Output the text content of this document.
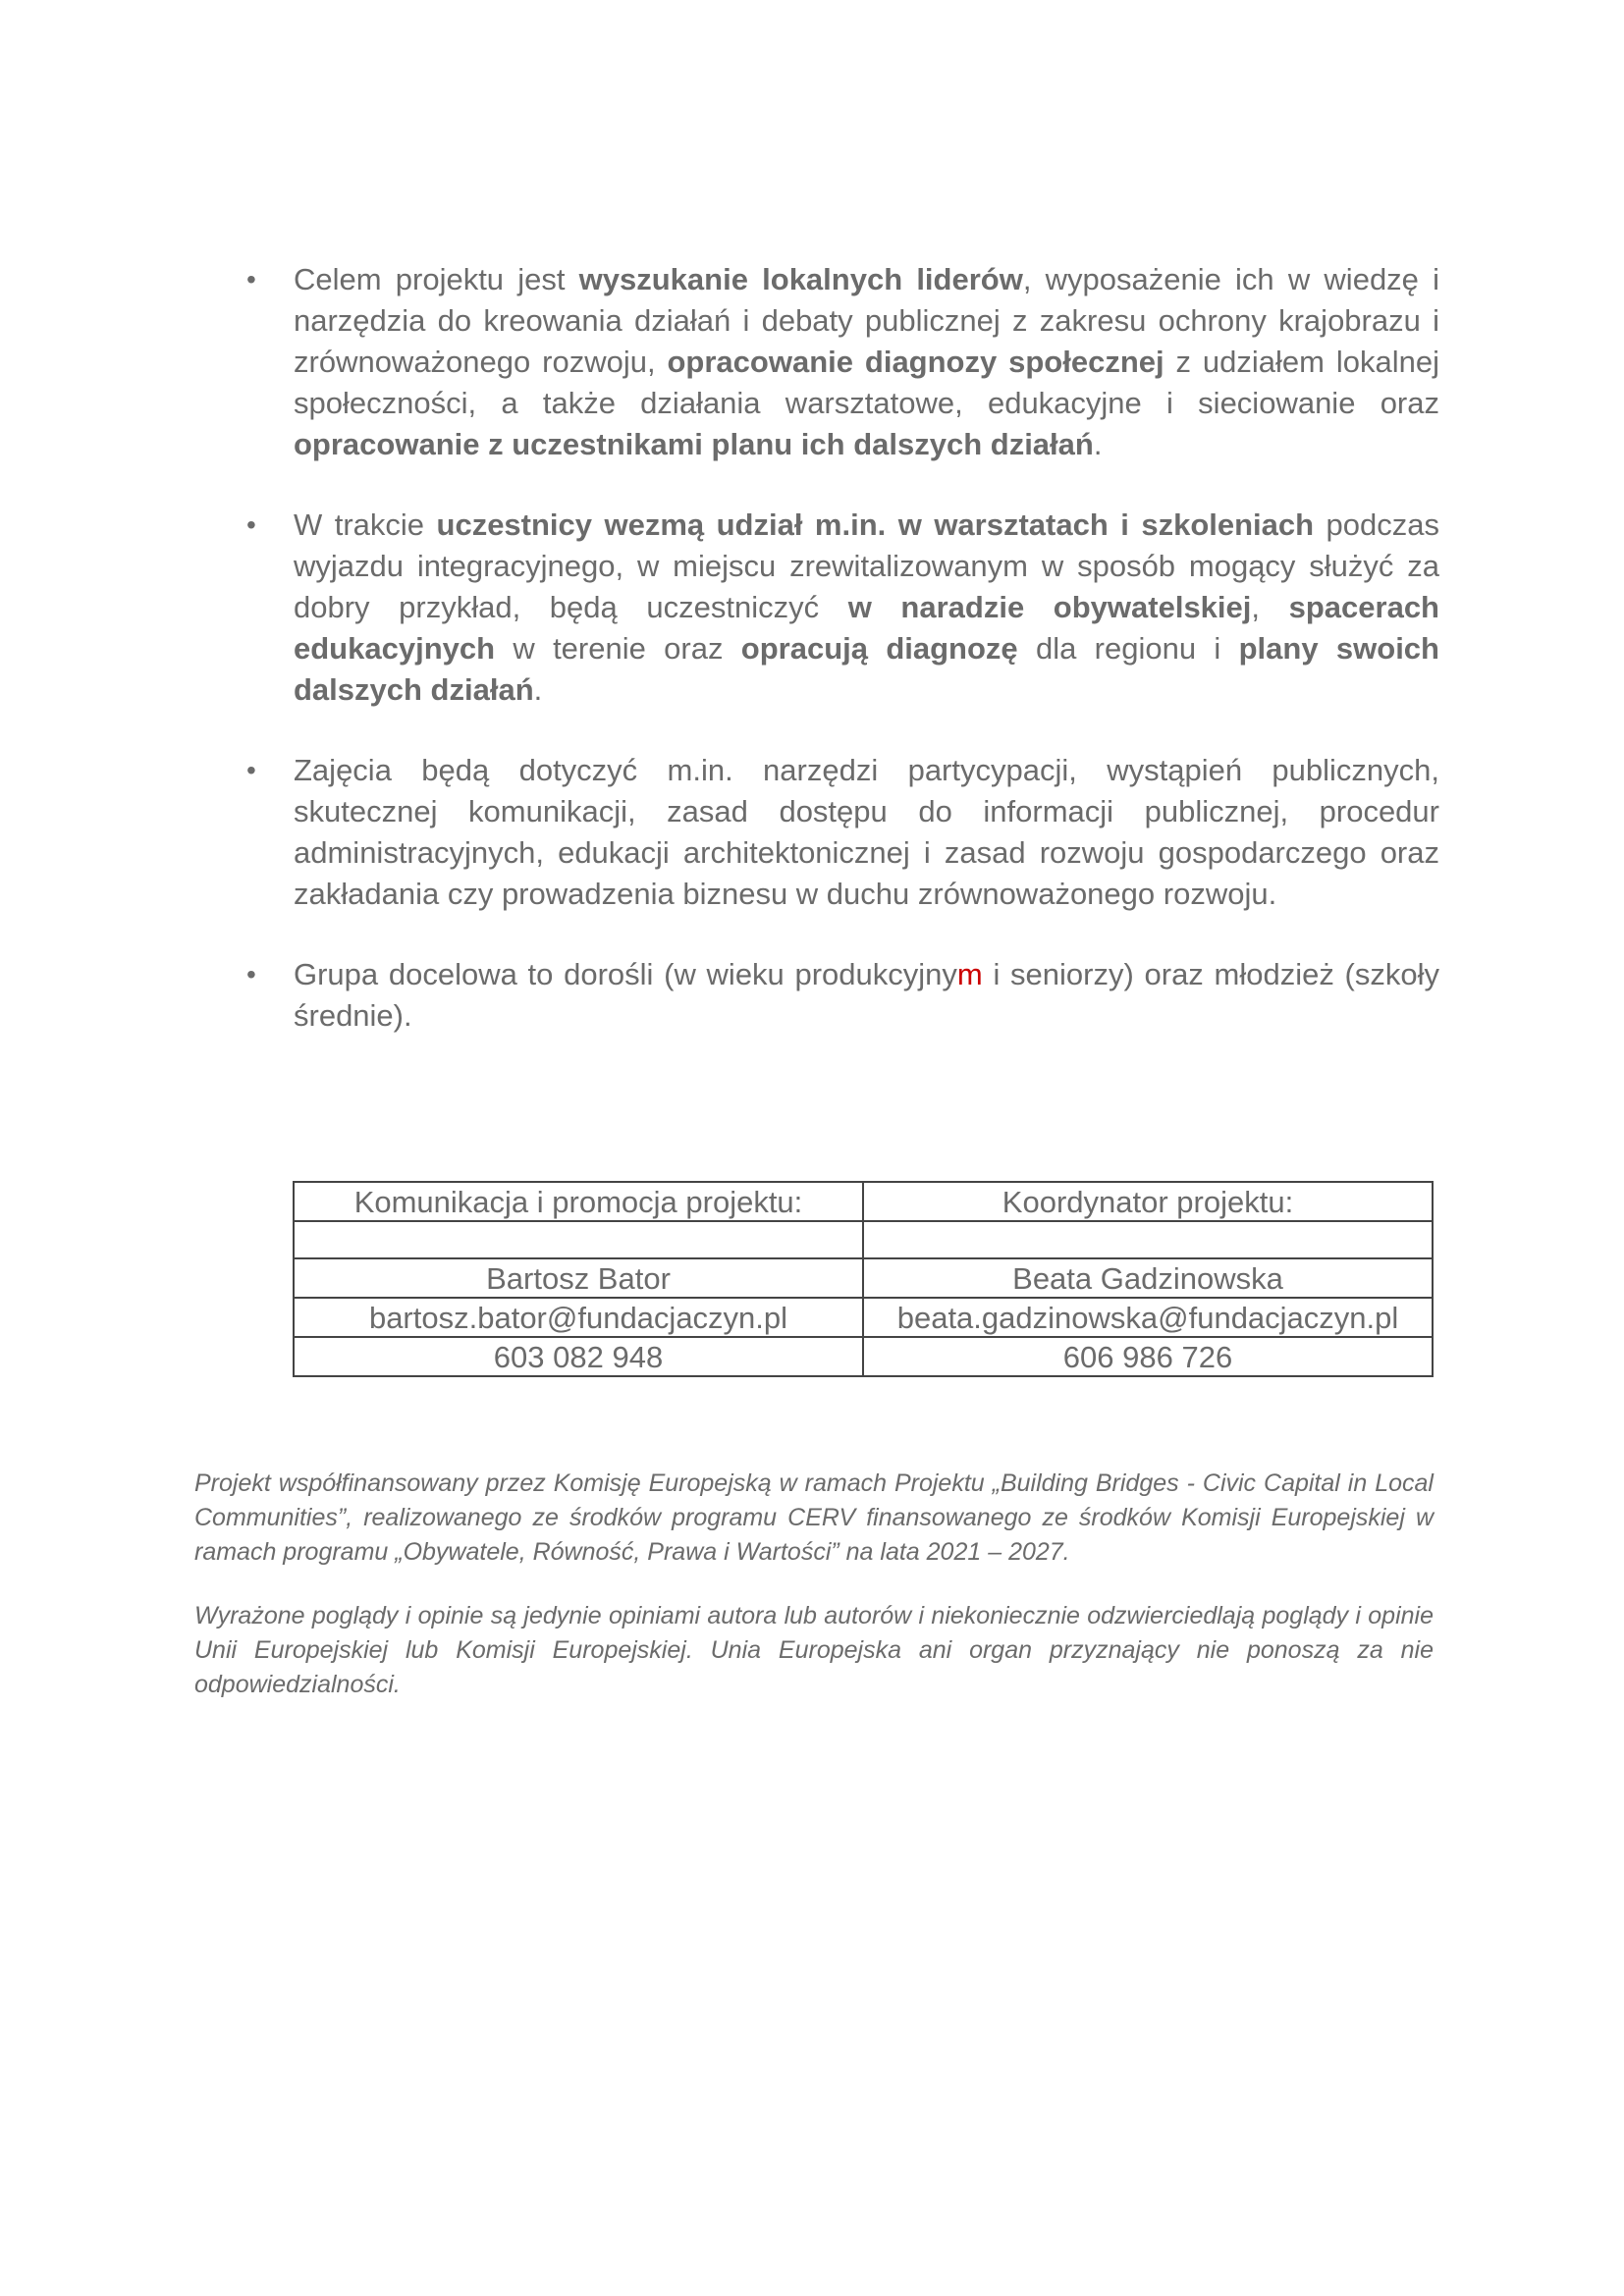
• Celem projektu jest wyszukanie lokalnych liderów, wyposażenie ich w wiedzę i narzędzia do kreowania działań i debaty publicznej z zakresu ochrony krajobrazu i zrównoważonego rozwoju, opracowanie diagnozy społecznej z udziałem lokalnej społeczności, a także działania warsztatowe, edukacyjne i sieciowanie oraz opracowanie z uczestnikami planu ich dalszych działań.
• W trakcie uczestnicy wezmą udział m.in. w warsztatach i szkoleniach podczas wyjazdu integracyjnego, w miejscu zrewitalizowanym w sposób mogący służyć za dobry przykład, będą uczestniczyć w naradzie obywatelskiej, spacerach edukacyjnych w terenie oraz opracują diagnozę dla regionu i plany swoich dalszych działań.
• Zajęcia będą dotyczyć m.in. narzędzi partycypacji, wystąpień publicznych, skutecznej komunikacji, zasad dostępu do informacji publicznej, procedur administracyjnych, edukacji architektonicznej i zasad rozwoju gospodarczego oraz zakładania czy prowadzenia biznesu w duchu zrównoważonego rozwoju.
• Grupa docelowa to dorośli (w wieku produkcyjnym i seniorzy) oraz młodzież (szkoły średnie).
Komunikacja i promocja projektu:	Koordynator projektu:

Bartosz Bator	Beata Gadzinowska
bartosz.bator@fundacjaczyn.pl	beata.gadzinowska@fundacjaczyn.pl
603 082 948	606 986 726

Projekt współfinansowany przez Komisję Europejską w ramach Projektu „Building Bridges - Civic Capital in Local Communities”, realizowanego ze środków programu CERV finansowanego ze środków Komisji Europejskiej w ramach programu „Obywatele, Równość, Prawa i Wartości” na lata 2021 – 2027.

Wyrażone poglądy i opinie są jedynie opiniami autora lub autorów i niekoniecznie odzwierciedlają poglądy i opinie Unii Europejskiej lub Komisji Europejskiej. Unia Europejska ani organ przyznający nie ponoszą za nie odpowiedzialności.
